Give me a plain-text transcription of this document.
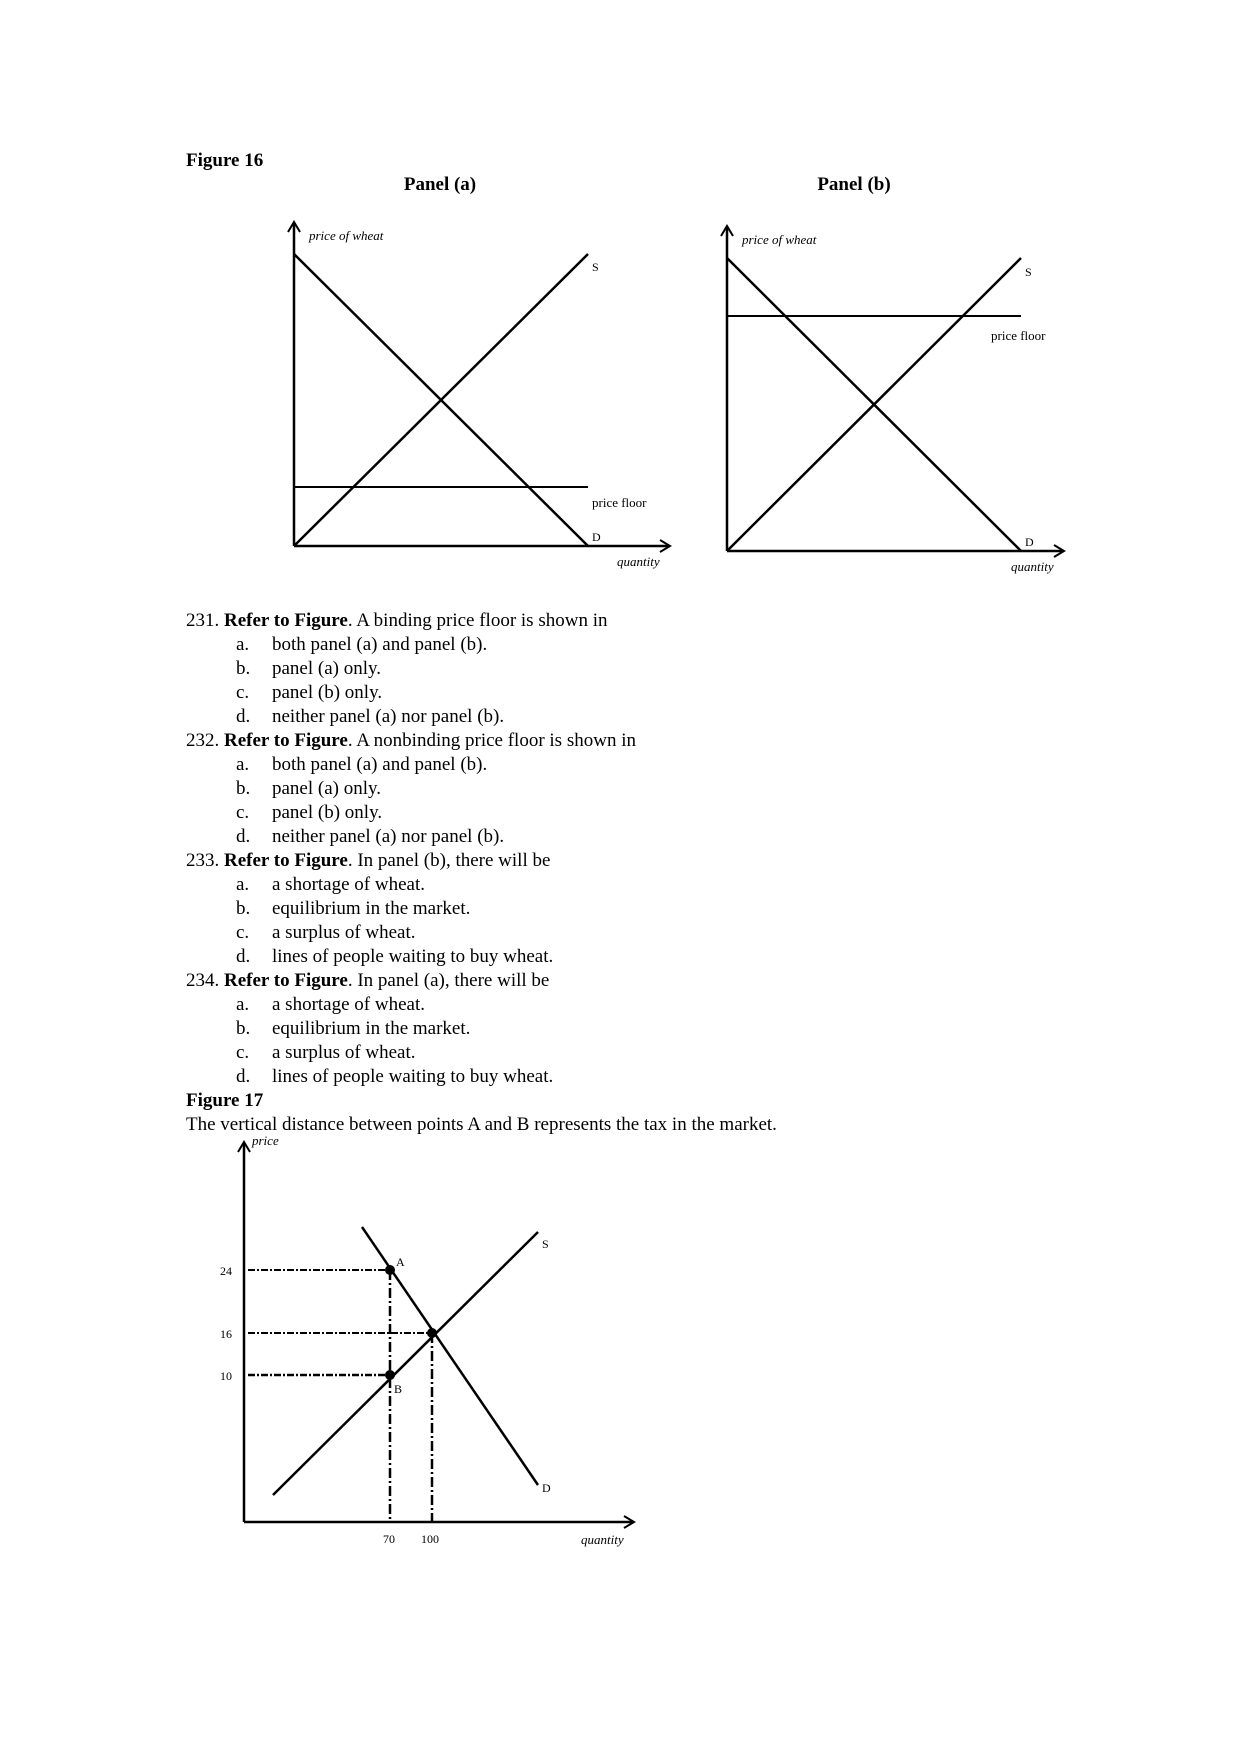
Figure 16
Panel (a)	Panel (b)
price of wheat
S
price floor
D
quantity
price of wheat
S
price floor
D
quantity

231. Refer to Figure. A binding price floor is shown in

a.	both panel (a) and panel (b).
b.	panel (a) only.
c.	panel (b) only.
d.	neither panel (a) nor panel (b).

232. Refer to Figure. A nonbinding price floor is shown in

a.	both panel (a) and panel (b).
b.	panel (a) only.
c.	panel (b) only.
d.	neither panel (a) nor panel (b).

233. Refer to Figure. In panel (b), there will be

a.	a shortage of wheat.
b.	equilibrium in the market.
c.	a surplus of wheat.
d.	lines of people waiting to buy wheat.

234. Refer to Figure. In panel (a), there will be

a.	a shortage of wheat.
b.	equilibrium in the market.
c.	a surplus of wheat.
d.	lines of people waiting to buy wheat.
Figure 17
The vertical distance between points A and B represents the tax in the market.
price
S
D
A
B
24
16
10
70 100	quantity
